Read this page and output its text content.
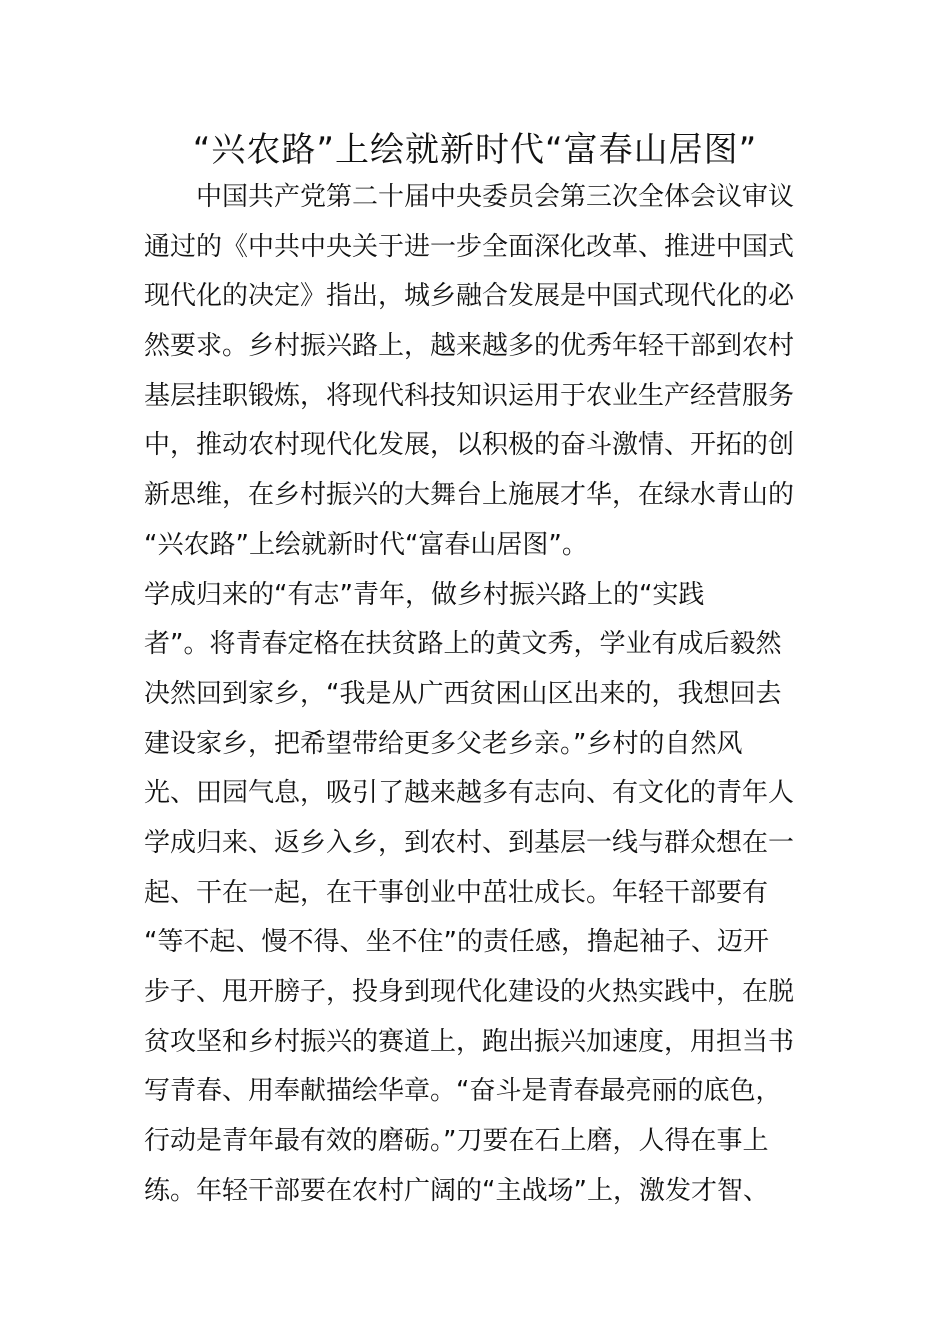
“兴农路”上绘就新时代“富春山居图”
　　中国共产党第二十届中央委员会第三次全体会议审议
通过的《中共中央关于进一步全面深化改革、推进中国式
现代化的决定》指出，城乡融合发展是中国式现代化的必
然要求。乡村振兴路上，越来越多的优秀年轻干部到农村
基层挂职锻炼，将现代科技知识运用于农业生产经营服务
中，推动农村现代化发展，以积极的奋斗激情、开拓的创
新思维，在乡村振兴的大舞台上施展才华，在绿水青山的
“兴农路”上绘就新时代“富春山居图”。
学成归来的“有志”青年，做乡村振兴路上的“实践
者”。将青春定格在扶贫路上的黄文秀，学业有成后毅然
决然回到家乡，“我是从广西贫困山区出来的，我想回去
建设家乡，把希望带给更多父老乡亲。”乡村的自然风
光、田园气息，吸引了越来越多有志向、有文化的青年人
学成归来、返乡入乡，到农村、到基层一线与群众想在一
起、干在一起，在干事创业中茁壮成长。年轻干部要有
“等不起、慢不得、坐不住”的责任感，撸起袖子、迈开
步子、甩开膀子，投身到现代化建设的火热实践中，在脱
贫攻坚和乡村振兴的赛道上，跑出振兴加速度，用担当书
写青春、用奉献描绘华章。“奋斗是青春最亮丽的底色，
行动是青年最有效的磨砺。”刀要在石上磨，人得在事上
练。年轻干部要在农村广阔的“主战场”上，激发才智、
